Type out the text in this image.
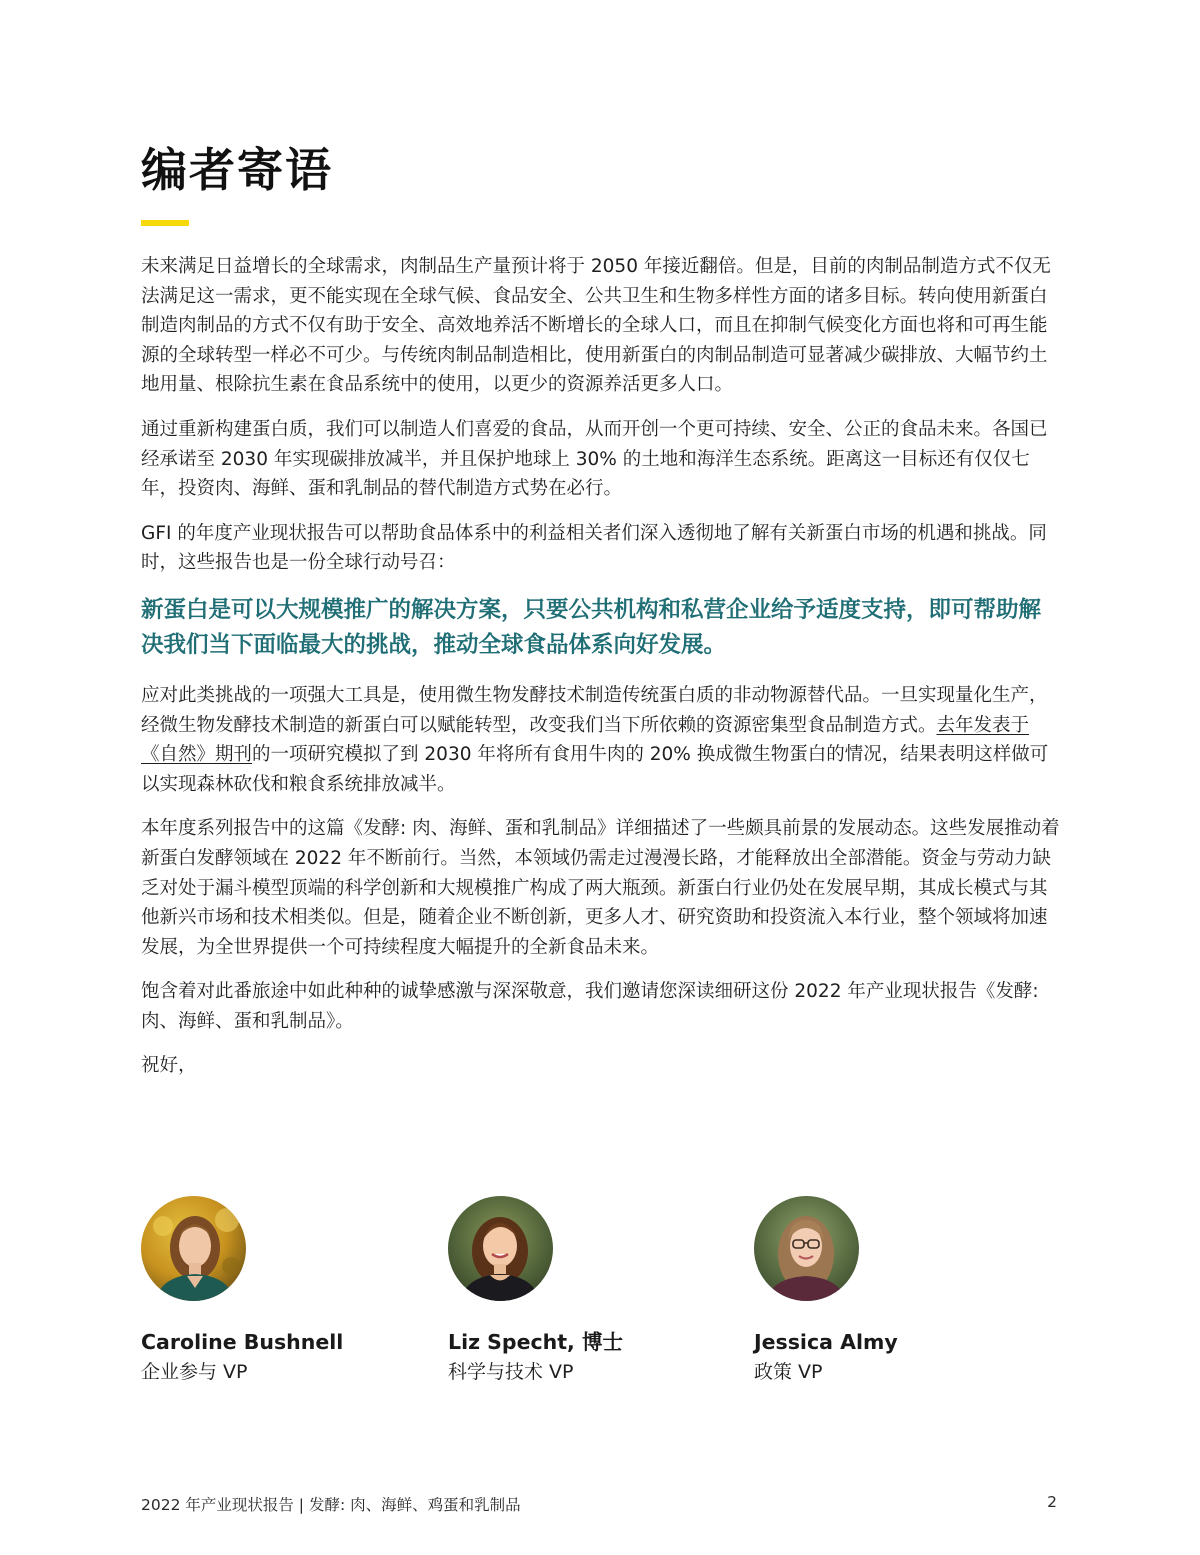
编者寄语

未来满足日益增长的全球需求，肉制品生产量预计将于 2050 年接近翻倍。但是，目前的肉制品制造方式不仅无法满足这一需求，更不能实现在全球气候、食品安全、公共卫生和生物多样性方面的诸多目标。转向使用新蛋白制造肉制品的方式不仅有助于安全、高效地养活不断增长的全球人口，而且在抑制气候变化方面也将和可再生能源的全球转型一样必不可少。与传统肉制品制造相比，使用新蛋白的肉制品制造可显著减少碳排放、大幅节约土地用量、根除抗生素在食品系统中的使用，以更少的资源养活更多人口。

通过重新构建蛋白质，我们可以制造人们喜爱的食品，从而开创一个更可持续、安全、公正的食品未来。各国已经承诺至 2030 年实现碳排放减半，并且保护地球上 30% 的土地和海洋生态系统。距离这一目标还有仅仅七年，投资肉、海鲜、蛋和乳制品的替代制造方式势在必行。

GFI 的年度产业现状报告可以帮助食品体系中的利益相关者们深入透彻地了解有关新蛋白市场的机遇和挑战。同时，这些报告也是一份全球行动号召：

新蛋白是可以大规模推广的解决方案，只要公共机构和私营企业给予适度支持，即可帮助解决我们当下面临最大的挑战，推动全球食品体系向好发展。

应对此类挑战的一项强大工具是，使用微生物发酵技术制造传统蛋白质的非动物源替代品。一旦实现量化生产，经微生物发酵技术制造的新蛋白可以赋能转型，改变我们当下所依赖的资源密集型食品制造方式。去年发表于《自然》期刊的一项研究模拟了到 2030 年将所有食用牛肉的 20% 换成微生物蛋白的情况，结果表明这样做可以实现森林砍伐和粮食系统排放减半。

本年度系列报告中的这篇《发酵: 肉、海鲜、蛋和乳制品》详细描述了一些颇具前景的发展动态。这些发展推动着新蛋白发酵领域在 2022 年不断前行。当然，本领域仍需走过漫漫长路，才能释放出全部潜能。资金与劳动力缺乏对处于漏斗模型顶端的科学创新和大规模推广构成了两大瓶颈。新蛋白行业仍处在发展早期，其成长模式与其他新兴市场和技术相类似。但是，随着企业不断创新，更多人才、研究资助和投资流入本行业，整个领域将加速发展，为全世界提供一个可持续程度大幅提升的全新食品未来。

饱含着对此番旅途中如此种种的诚挚感激与深深敬意，我们邀请您深读细研这份 2022 年产业现状报告《发酵: 肉、海鲜、蛋和乳制品》。

祝好，

Caroline Bushnell
企业参与 VP
Liz Specht, 博士
科学与技术 VP
Jessica Almy
政策 VP
2022 年产业现状报告 | 发酵: 肉、海鲜、鸡蛋和乳制品	2
